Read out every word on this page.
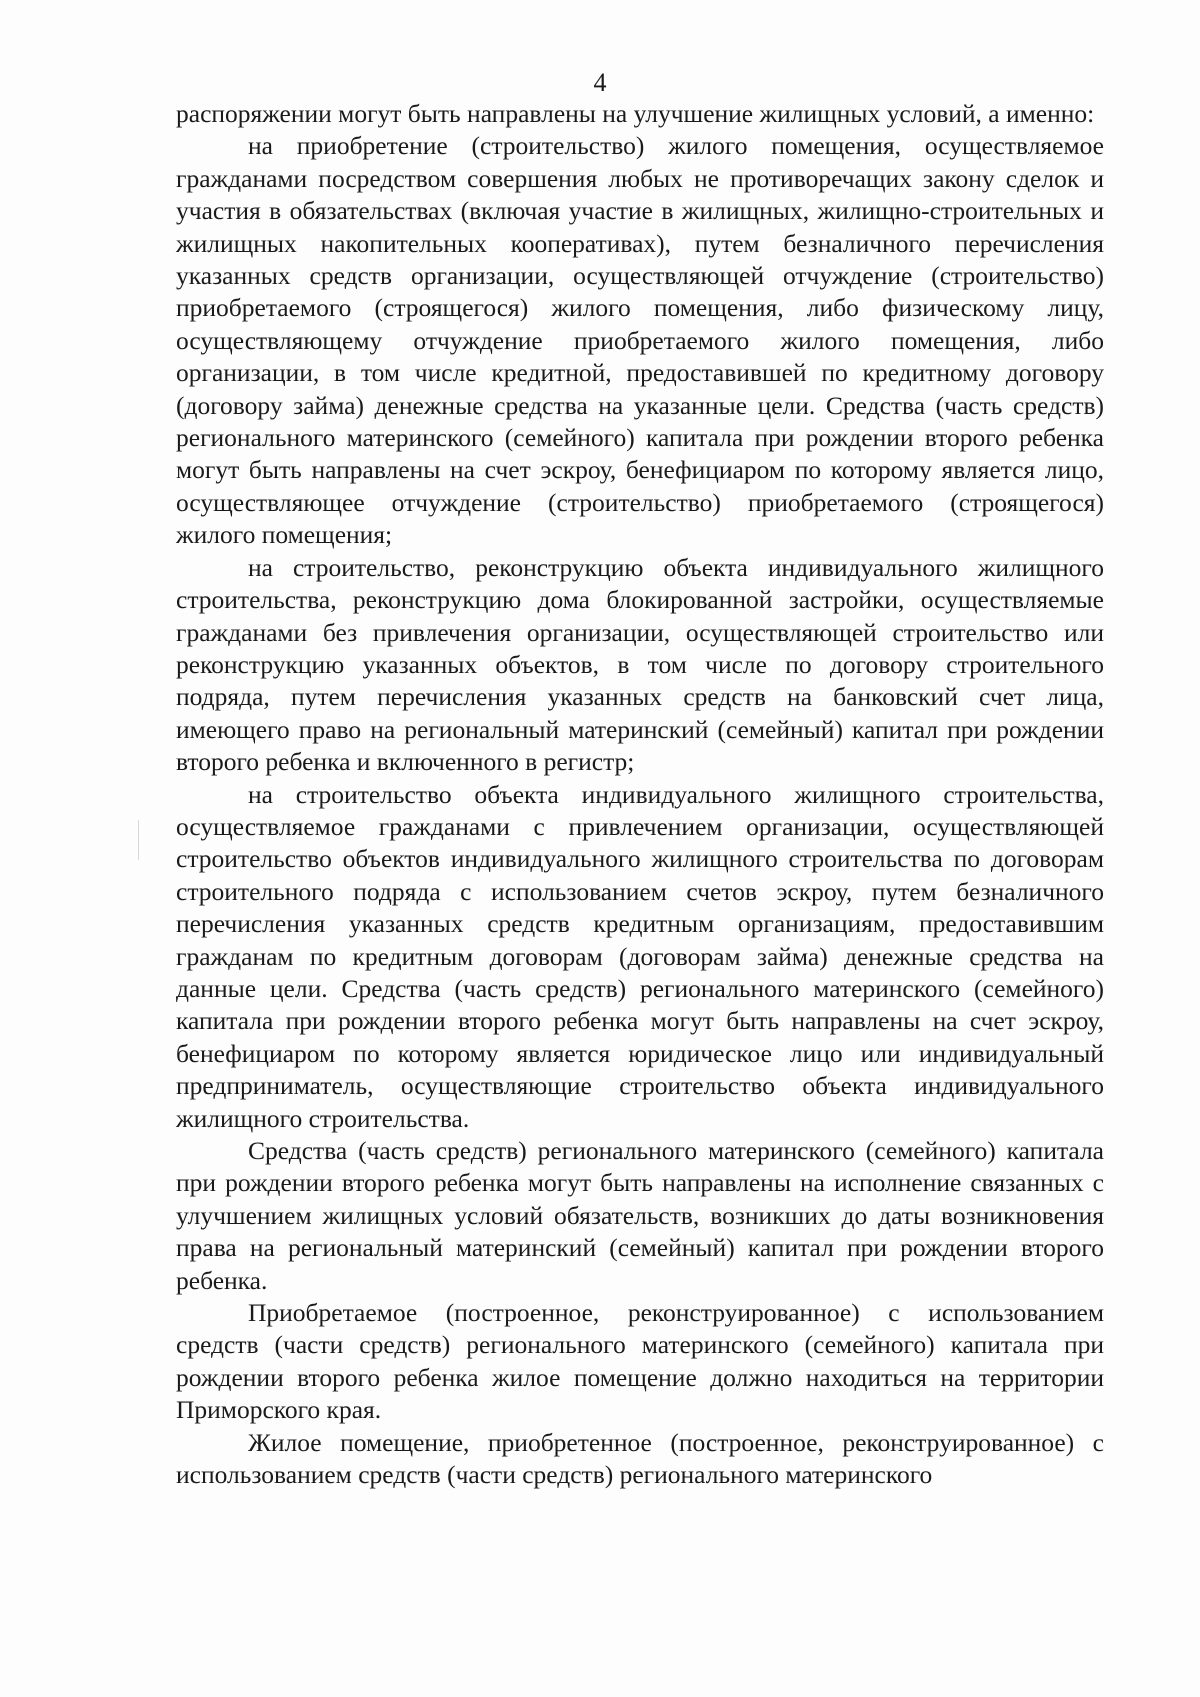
4

распоряжении могут быть направлены на улучшение жилищных условий, а именно:

на приобретение (строительство) жилого помещения, осуществляемое гражданами посредством совершения любых не противоречащих закону сделок и участия в обязательствах (включая участие в жилищных, жилищно-строительных и жилищных накопительных кооперативах), путем безналичного перечисления указанных средств организации, осуществляющей отчуждение (строительство) приобретаемого (строящегося) жилого помещения, либо физическому лицу, осуществляющему отчуждение приобретаемого жилого помещения, либо организации, в том числе кредитной, предоставившей по кредитному договору (договору займа) денежные средства на указанные цели. Средства (часть средств) регионального материнского (семейного) капитала при рождении второго ребенка могут быть направлены на счет эскроу, бенефициаром по которому является лицо, осуществляющее отчуждение (строительство) приобретаемого (строящегося) жилого помещения;

на строительство, реконструкцию объекта индивидуального жилищного строительства, реконструкцию дома блокированной застройки, осуществляемые гражданами без привлечения организации, осуществляющей строительство или реконструкцию указанных объектов, в том числе по договору строительного подряда, путем перечисления указанных средств на банковский счет лица, имеющего право на региональный материнский (семейный) капитал при рождении второго ребенка и включенного в регистр;

на строительство объекта индивидуального жилищного строительства, осуществляемое гражданами с привлечением организации, осуществляющей строительство объектов индивидуального жилищного строительства по договорам строительного подряда с использованием счетов эскроу, путем безналичного перечисления указанных средств кредитным организациям, предоставившим гражданам по кредитным договорам (договорам займа) денежные средства на данные цели. Средства (часть средств) регионального материнского (семейного) капитала при рождении второго ребенка могут быть направлены на счет эскроу, бенефициаром по которому является юридическое лицо или индивидуальный предприниматель, осуществляющие строительство объекта индивидуального жилищного строительства.

Средства (часть средств) регионального материнского (семейного) капитала при рождении второго ребенка могут быть направлены на исполнение связанных с улучшением жилищных условий обязательств, возникших до даты возникновения права на региональный материнский (семейный) капитал при рождении второго ребенка.

Приобретаемое (построенное, реконструированное) с использованием средств (части средств) регионального материнского (семейного) капитала при рождении второго ребенка жилое помещение должно находиться на территории Приморского края.

Жилое помещение, приобретенное (построенное, реконструированное) с использованием средств (части средств) регионального материнского
